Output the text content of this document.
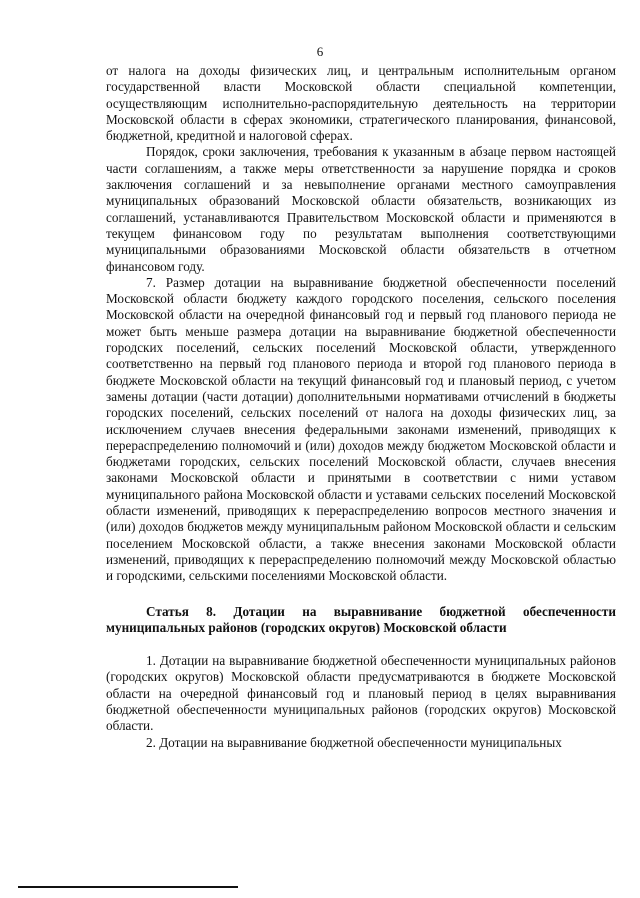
6

от налога на доходы физических лиц, и центральным исполнительным органом государственной власти Московской области специальной компетенции, осуществляющим исполнительно-распорядительную деятельность на территории Московской области в сферах экономики, стратегического планирования, финансовой, бюджетной, кредитной и налоговой сферах.

Порядок, сроки заключения, требования к указанным в абзаце первом настоящей части соглашениям, а также меры ответственности за нарушение порядка и сроков заключения соглашений и за невыполнение органами местного самоуправления муниципальных образований Московской области обязательств, возникающих из соглашений, устанавливаются Правительством Московской области и применяются в текущем финансовом году по результатам выполнения соответствующими муниципальными образованиями Московской области обязательств в отчетном финансовом году.

7. Размер дотации на выравнивание бюджетной обеспеченности поселений Московской области бюджету каждого городского поселения, сельского поселения Московской области на очередной финансовый год и первый год планового периода не может быть меньше размера дотации на выравнивание бюджетной обеспеченности городских поселений, сельских поселений Московской области, утвержденного соответственно на первый год планового периода и второй год планового периода в бюджете Московской области на текущий финансовый год и плановый период, с учетом замены дотации (части дотации) дополнительными нормативами отчислений в бюджеты городских поселений, сельских поселений от налога на доходы физических лиц, за исключением случаев внесения федеральными законами изменений, приводящих к перераспределению полномочий и (или) доходов между бюджетом Московской области и бюджетами городских, сельских поселений Московской области, случаев внесения законами Московской области и принятыми в соответствии с ними уставом муниципального района Московской области и уставами сельских поселений Московской области изменений, приводящих к перераспределению вопросов местного значения и (или) доходов бюджетов между муниципальным районом Московской области и сельским поселением Московской области, а также внесения законами Московской области изменений, приводящих к перераспределению полномочий между Московской областью и городскими, сельскими поселениями Московской области.

Статья 8. Дотации на выравнивание бюджетной обеспеченности муниципальных районов (городских округов) Московской области

1. Дотации на выравнивание бюджетной обеспеченности муниципальных районов (городских округов) Московской области предусматриваются в бюджете Московской области на очередной финансовый год и плановый период в целях выравнивания бюджетной обеспеченности муниципальных районов (городских округов) Московской области.

2. Дотации на выравнивание бюджетной обеспеченности муниципальных
